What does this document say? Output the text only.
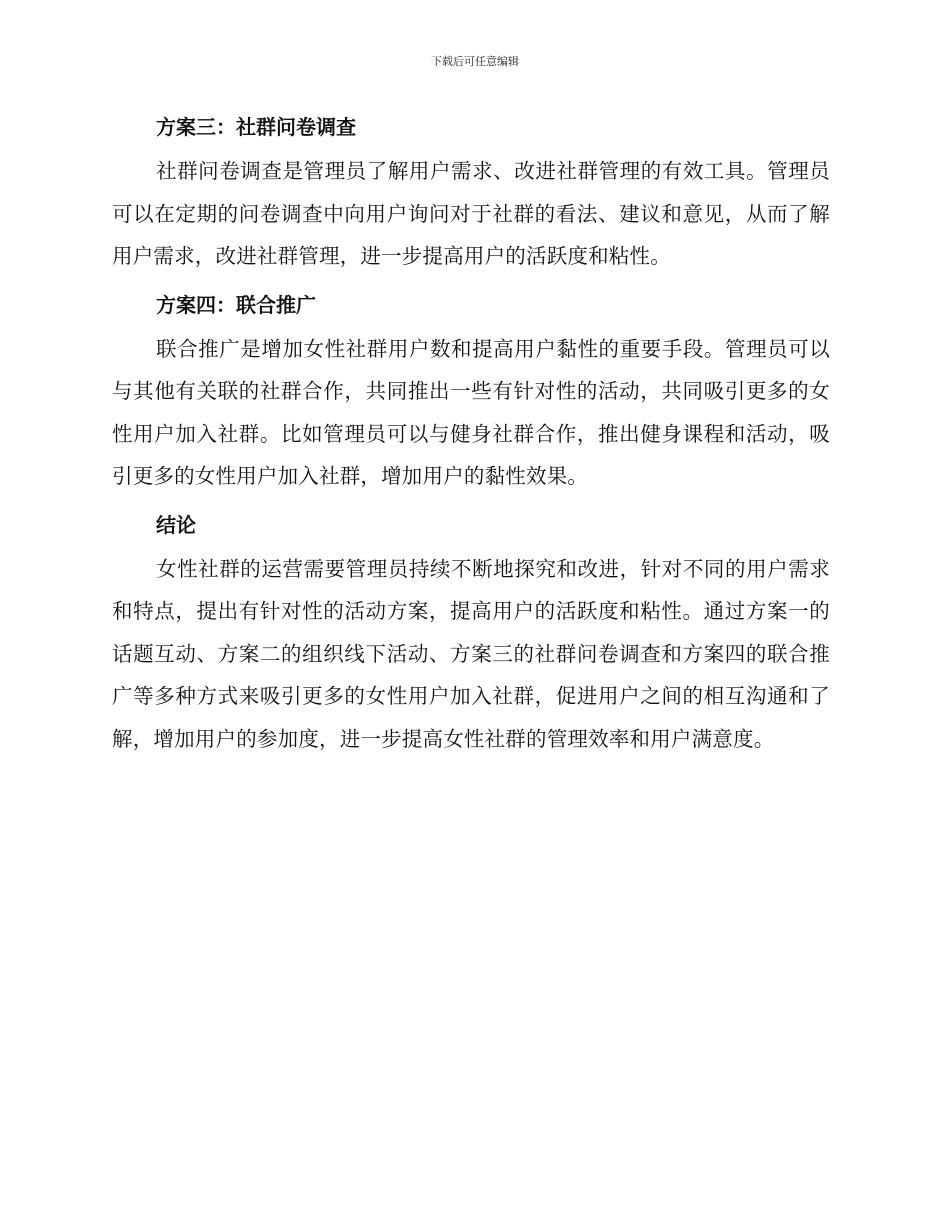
下载后可任意编辑
方案三：社群问卷调查

社群问卷调查是管理员了解用户需求、改进社群管理的有效工具。管理员可以在定期的问卷调查中向用户询问对于社群的看法、建议和意见，从而了解用户需求，改进社群管理，进一步提高用户的活跃度和粘性。

方案四：联合推广

联合推广是增加女性社群用户数和提高用户黏性的重要手段。管理员可以与其他有关联的社群合作，共同推出一些有针对性的活动，共同吸引更多的女性用户加入社群。比如管理员可以与健身社群合作，推出健身课程和活动，吸引更多的女性用户加入社群，增加用户的黏性效果。

结论

女性社群的运营需要管理员持续不断地探究和改进，针对不同的用户需求和特点，提出有针对性的活动方案，提高用户的活跃度和粘性。通过方案一的话题互动、方案二的组织线下活动、方案三的社群问卷调查和方案四的联合推广等多种方式来吸引更多的女性用户加入社群，促进用户之间的相互沟通和了解，增加用户的参加度，进一步提高女性社群的管理效率和用户满意度。
